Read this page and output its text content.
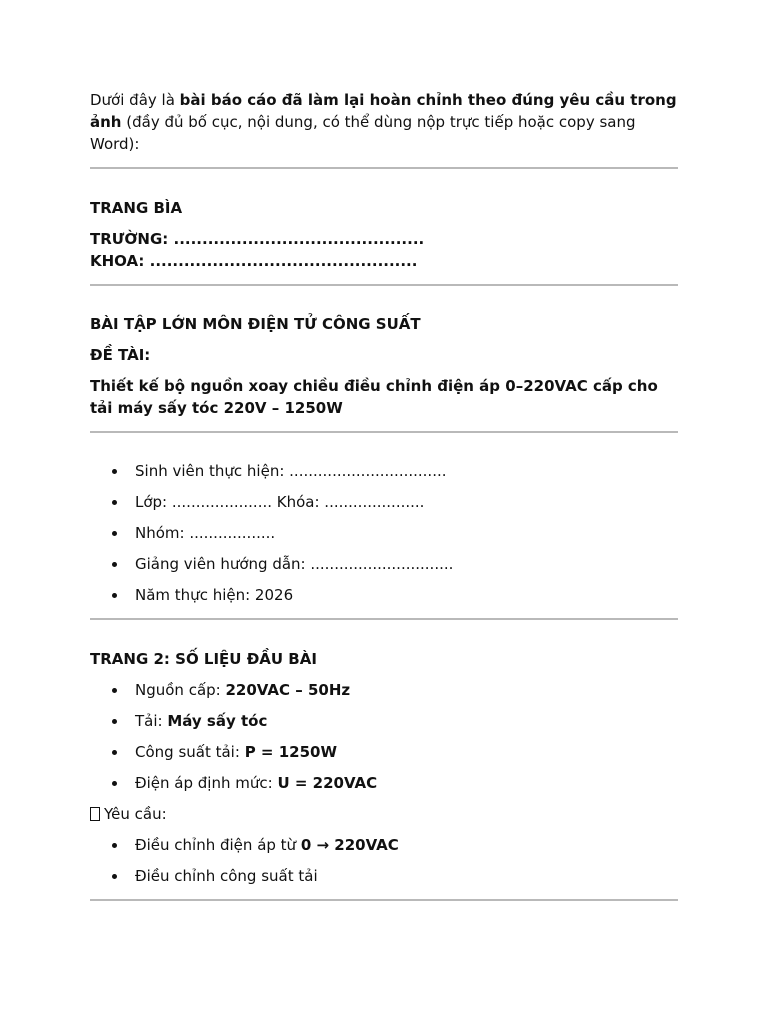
Dưới đây là bài báo cáo đã làm lại hoàn chỉnh theo đúng yêu cầu trong ảnh (đầy đủ bố cục, nội dung, có thể dùng nộp trực tiếp hoặc copy sang Word):

TRANG BÌA

TRƯỜNG: ............................................

KHOA: ...............................................

BÀI TẬP LỚN MÔN ĐIỆN TỬ CÔNG SUẤT

ĐỀ TÀI:

Thiết kế bộ nguồn xoay chiều điều chỉnh điện áp 0–220VAC cấp cho tải máy sấy tóc 220V – 1250W

Sinh viên thực hiện: .................................
Lớp: ..................... Khóa: .....................
Nhóm: ..................
Giảng viên hướng dẫn: ..............................
Năm thực hiện: 2026

TRANG 2: SỐ LIỆU ĐẦU BÀI

Nguồn cấp: 220VAC – 50Hz
Tải: Máy sấy tóc
Công suất tải: P = 1250W
Điện áp định mức: U = 220VAC

Yêu cầu:

Điều chỉnh điện áp từ 0 → 220VAC
Điều chỉnh công suất tải
